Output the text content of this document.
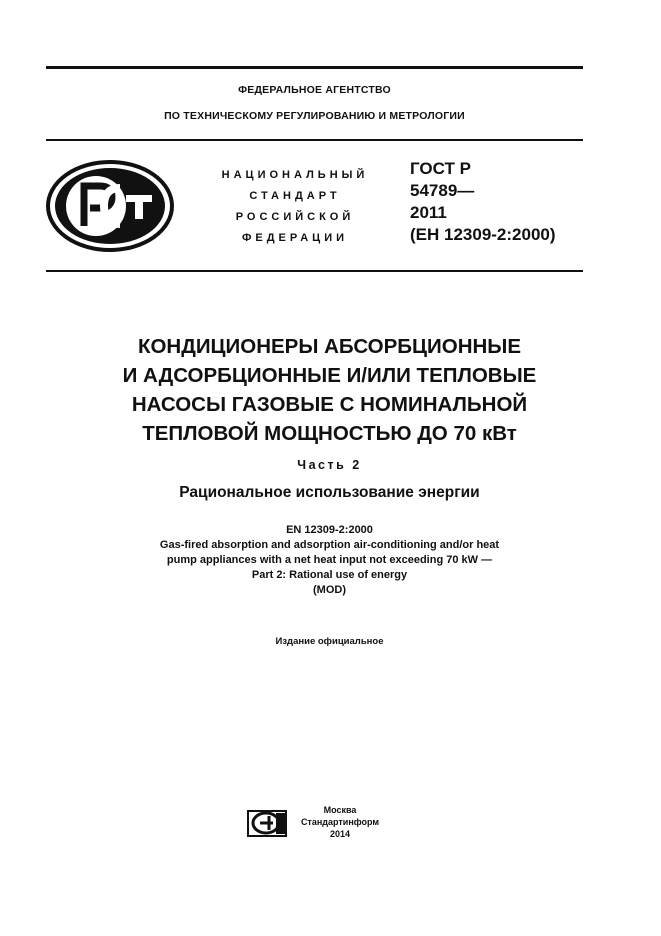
ФЕДЕРАЛЬНОЕ АГЕНТСТВО
ПО ТЕХНИЧЕСКОМУ РЕГУЛИРОВАНИЮ И МЕТРОЛОГИИ
НАЦИОНАЛЬНЫЙ
СТАНДАРТ
РОССИЙСКОЙ
ФЕДЕРАЦИИ
ГОСТ Р
54789—
2011
(ЕН 12309-2:2000)
КОНДИЦИОНЕРЫ АБСОРБЦИОННЫЕ
И АДСОРБЦИОННЫЕ И/ИЛИ ТЕПЛОВЫЕ
НАСОСЫ ГАЗОВЫЕ С НОМИНАЛЬНОЙ
ТЕПЛОВОЙ МОЩНОСТЬЮ ДО 70 кВт
Часть 2
Рациональное использование энергии
EN 12309-2:2000
Gas-fired absorption and adsorption air-conditioning and/or heat
pump appliances with a net heat input not exceeding 70 kW —
Part 2: Rational use of energy
(MOD)
Издание официальное
Москва
Стандартинформ
2014
